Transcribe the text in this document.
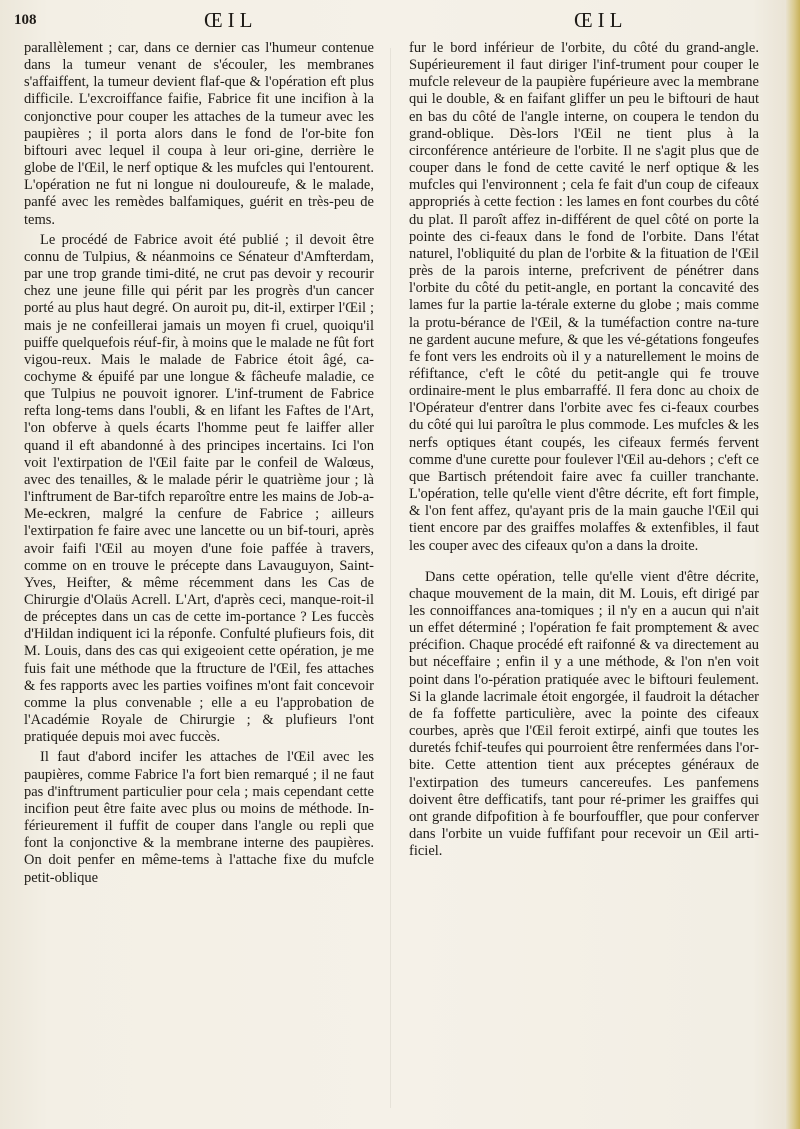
108	ŒIL	ŒIL

parallèlement ; car, dans ce dernier cas l'humeur contenue dans la tumeur venant de s'écouler, les membranes s'affaiffent, la tumeur devient flaf-que & l'opération eft plus difficile. L'excroiffance faifie, Fabrice fit une incifion à la conjonctive pour couper les attaches de la tumeur avec les paupières ; il porta alors dans le fond de l'or-bite fon biftouri avec lequel il coupa à leur ori-gine, derrière le globe de l'Œil, le nerf optique & les mufcles qui l'entourent. L'opération ne fut ni longue ni douloureufe, & le malade, panfé avec les remèdes balfamiques, guérit en très-peu de tems.

Le procédé de Fabrice avoit été publié ; il devoit être connu de Tulpius, & néanmoins ce Sénateur d'Amfterdam, par une trop grande timi-dité, ne crut pas devoir y recourir chez une jeune fille qui périt par les progrès d'un cancer porté au plus haut degré. On auroit pu, dit-il, extirper l'Œil ; mais je ne confeillerai jamais un moyen fi cruel, quoiqu'il puiffe quelquefois réuf-fir, à moins que le malade ne fût fort vigou-reux. Mais le malade de Fabrice étoit âgé, ca-cochyme & épuifé par une longue & fâcheufe maladie, ce que Tulpius ne pouvoit ignorer. L'inf-trument de Fabrice refta long-tems dans l'oubli, & en lifant les Faftes de l'Art, l'on obferve à quels écarts l'homme peut fe laiffer aller quand il eft abandonné à des principes incertains. Ici l'on voit l'extirpation de l'Œil faite par le confeil de Walœus, avec des tenailles, & le malade périr le quatrième jour ; là l'inftrument de Bar-tifch reparoître entre les mains de Job-a-Me-eckren, malgré la cenfure de Fabrice ; ailleurs l'extirpation fe faire avec une lancette ou un bif-touri, après avoir faifi l'Œil au moyen d'une foie paffée à travers, comme on en trouve le précepte dans Lavauguyon, Saint-Yves, Heifter, & même récemment dans les Cas de Chirurgie d'Olaüs Acrell. L'Art, d'après ceci, manque-roit-il de préceptes dans un cas de cette im-portance ? Les fuccès d'Hildan indiquent ici la réponfe. Confulté plufieurs fois, dit M. Louis, dans des cas qui exigeoient cette opération, je me fuis fait une méthode que la ftructure de l'Œil, fes attaches & fes rapports avec les parties voifines m'ont fait concevoir comme la plus convenable ; elle a eu l'approbation de l'Académie Royale de Chirurgie ; & plufieurs l'ont pratiquée depuis moi avec fuccès.

Il faut d'abord incifer les attaches de l'Œil avec les paupières, comme Fabrice l'a fort bien remarqué ; il ne faut pas d'inftrument particulier pour cela ; mais cependant cette incifion peut être faite avec plus ou moins de méthode. In-férieurement il fuffit de couper dans l'angle ou repli que font la conjonctive & la membrane interne des paupières. On doit penfer en même-tems à l'attache fixe du mufcle petit-oblique

fur le bord inférieur de l'orbite, du côté du grand-angle. Supérieurement il faut diriger l'inf-trument pour couper le mufcle releveur de la paupière fupérieure avec la membrane qui le double, & en faifant gliffer un peu le biftouri de haut en bas du côté de l'angle interne, on coupera le tendon du grand-oblique. Dès-lors l'Œil ne tient plus à la circonférence antérieure de l'orbite. Il ne s'agit plus que de couper dans le fond de cette cavité le nerf optique & les mufcles qui l'environnent ; cela fe fait d'un coup de cifeaux appropriés à cette fection : les lames en font courbes du côté du plat. Il paroît affez in-différent de quel côté on porte la pointe des ci-feaux dans le fond de l'orbite. Dans l'état naturel, l'obliquité du plan de l'orbite & la fituation de l'Œil près de la parois interne, prefcrivent de pénétrer dans l'orbite du côté du petit-angle, en portant la concavité des lames fur la partie la-térale externe du globe ; mais comme la protu-bérance de l'Œil, & la tuméfaction contre na-ture ne gardent aucune mefure, & que les vé-gétations fongeufes fe font vers les endroits où il y a naturellement le moins de réfiftance, c'eft le côté du petit-angle qui fe trouve ordinaire-ment le plus embarraffé. Il fera donc au choix de l'Opérateur d'entrer dans l'orbite avec fes ci-feaux courbes du côté qui lui paroîtra le plus commode. Les mufcles & les nerfs optiques étant coupés, les cifeaux fermés fervent comme d'une curette pour foulever l'Œil au-dehors ; c'eft ce que Bartisch prétendoit faire avec fa cuiller tranchante. L'opération, telle qu'elle vient d'être décrite, eft fort fimple, & l'on fent affez, qu'ayant pris de la main gauche l'Œil qui tient encore par des graiffes molaffes & extenfibles, il faut les couper avec des cifeaux qu'on a dans la droite.

Dans cette opération, telle qu'elle vient d'être décrite, chaque mouvement de la main, dit M. Louis, eft dirigé par les connoiffances ana-tomiques ; il n'y en a aucun qui n'ait un effet déterminé ; l'opération fe fait promptement & avec précifion. Chaque procédé eft raifonné & va directement au but néceffaire ; enfin il y a une méthode, & l'on n'en voit point dans l'o-pération pratiquée avec le biftouri feulement. Si la glande lacrimale étoit engorgée, il faudroit la détacher de fa foffette particulière, avec la pointe des cifeaux courbes, après que l'Œil feroit extirpé, ainfi que toutes les duretés fchif-teufes qui pourroient être renfermées dans l'or-bite. Cette attention tient aux préceptes généraux de l'extirpation des tumeurs cancereufes. Les panfemens doivent être defficatifs, tant pour ré-primer les graiffes qui ont grande difpofition à fe bourfouffler, que pour conferver dans l'orbite un vuide fuffifant pour recevoir un Œil arti-ficiel.
